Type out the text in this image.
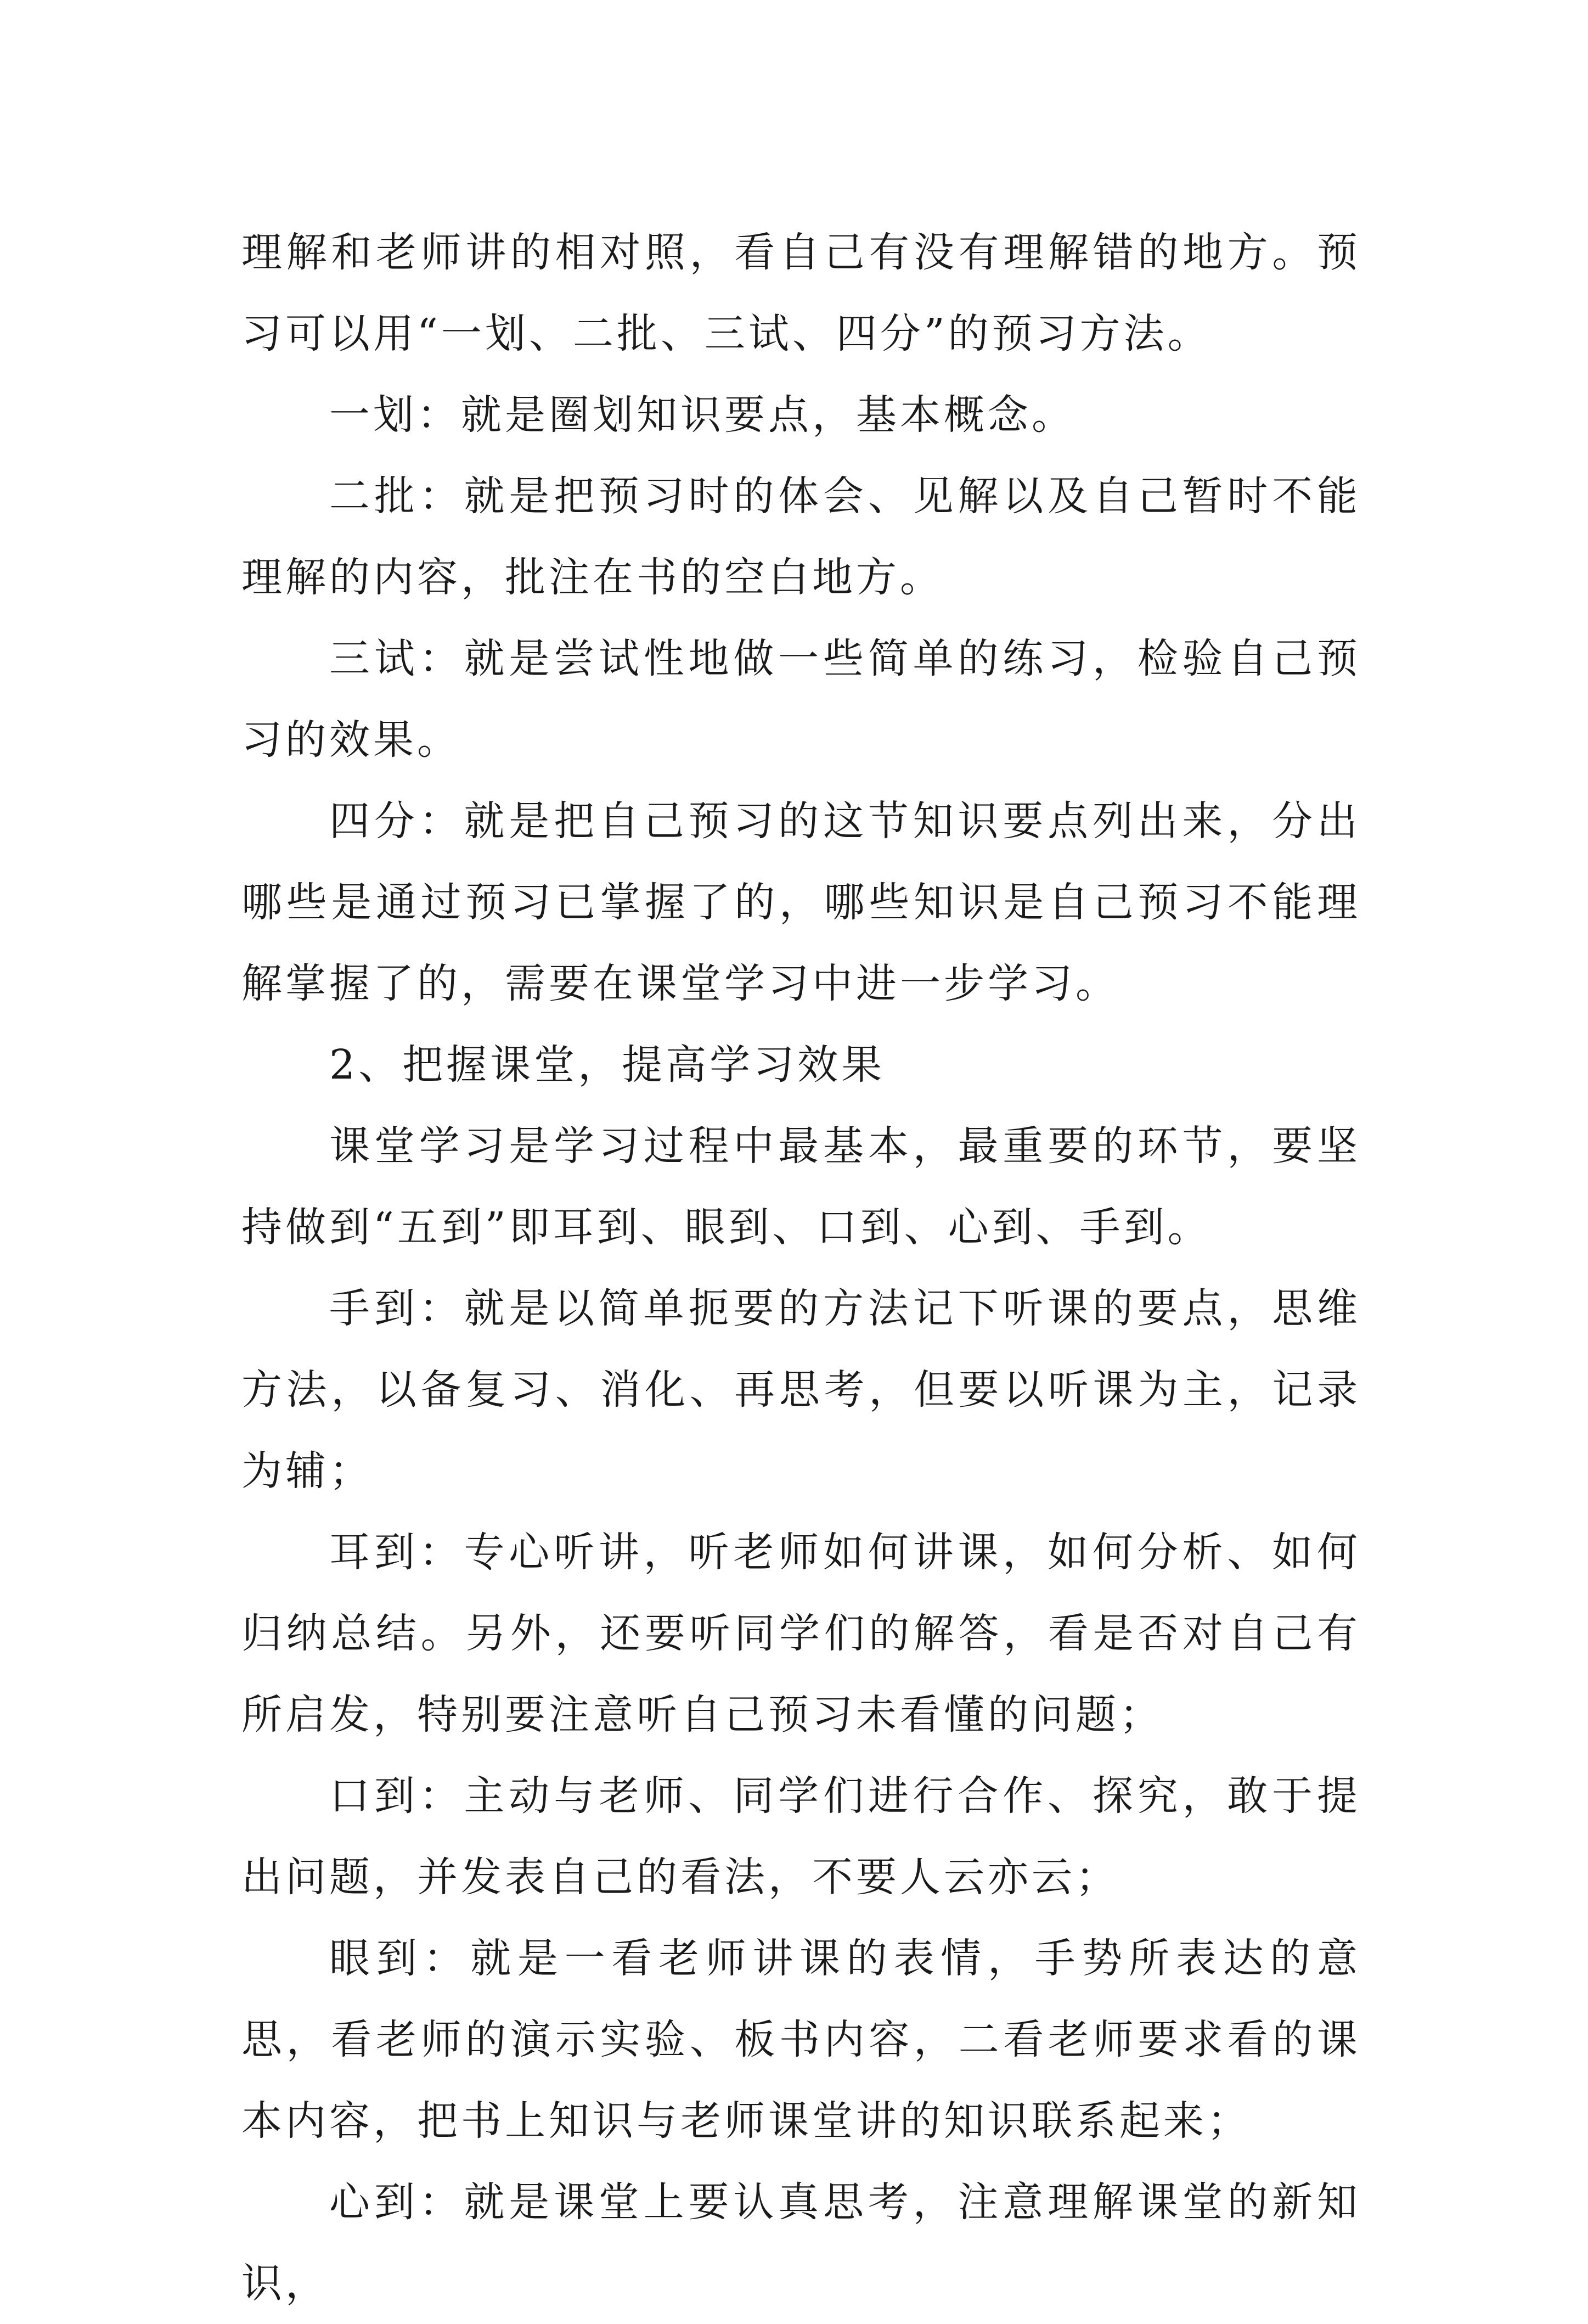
理解和老师讲的相对照，看自己有没有理解错的地方。预习可以用“一划、二批、三试、四分”的预习方法。

一划：就是圈划知识要点，基本概念。

二批：就是把预习时的体会、见解以及自己暂时不能理解的内容，批注在书的空白地方。

三试：就是尝试性地做一些简单的练习，检验自己预习的效果。

四分：就是把自己预习的这节知识要点列出来，分出哪些是通过预习已掌握了的，哪些知识是自己预习不能理解掌握了的，需要在课堂学习中进一步学习。

2、把握课堂，提高学习效果

课堂学习是学习过程中最基本，最重要的环节，要坚持做到“五到”即耳到、眼到、口到、心到、手到。

手到：就是以简单扼要的方法记下听课的要点，思维方法，以备复习、消化、再思考，但要以听课为主，记录为辅；

耳到：专心听讲，听老师如何讲课，如何分析、如何归纳总结。另外，还要听同学们的解答，看是否对自己有所启发，特别要注意听自己预习未看懂的问题；

口到：主动与老师、同学们进行合作、探究，敢于提出问题，并发表自己的看法，不要人云亦云；

眼到：就是一看老师讲课的表情，手势所表达的意思，看老师的演示实验、板书内容，二看老师要求看的课本内容，把书上知识与老师课堂讲的知识联系起来；

心到：就是课堂上要认真思考，注意理解课堂的新知识，
